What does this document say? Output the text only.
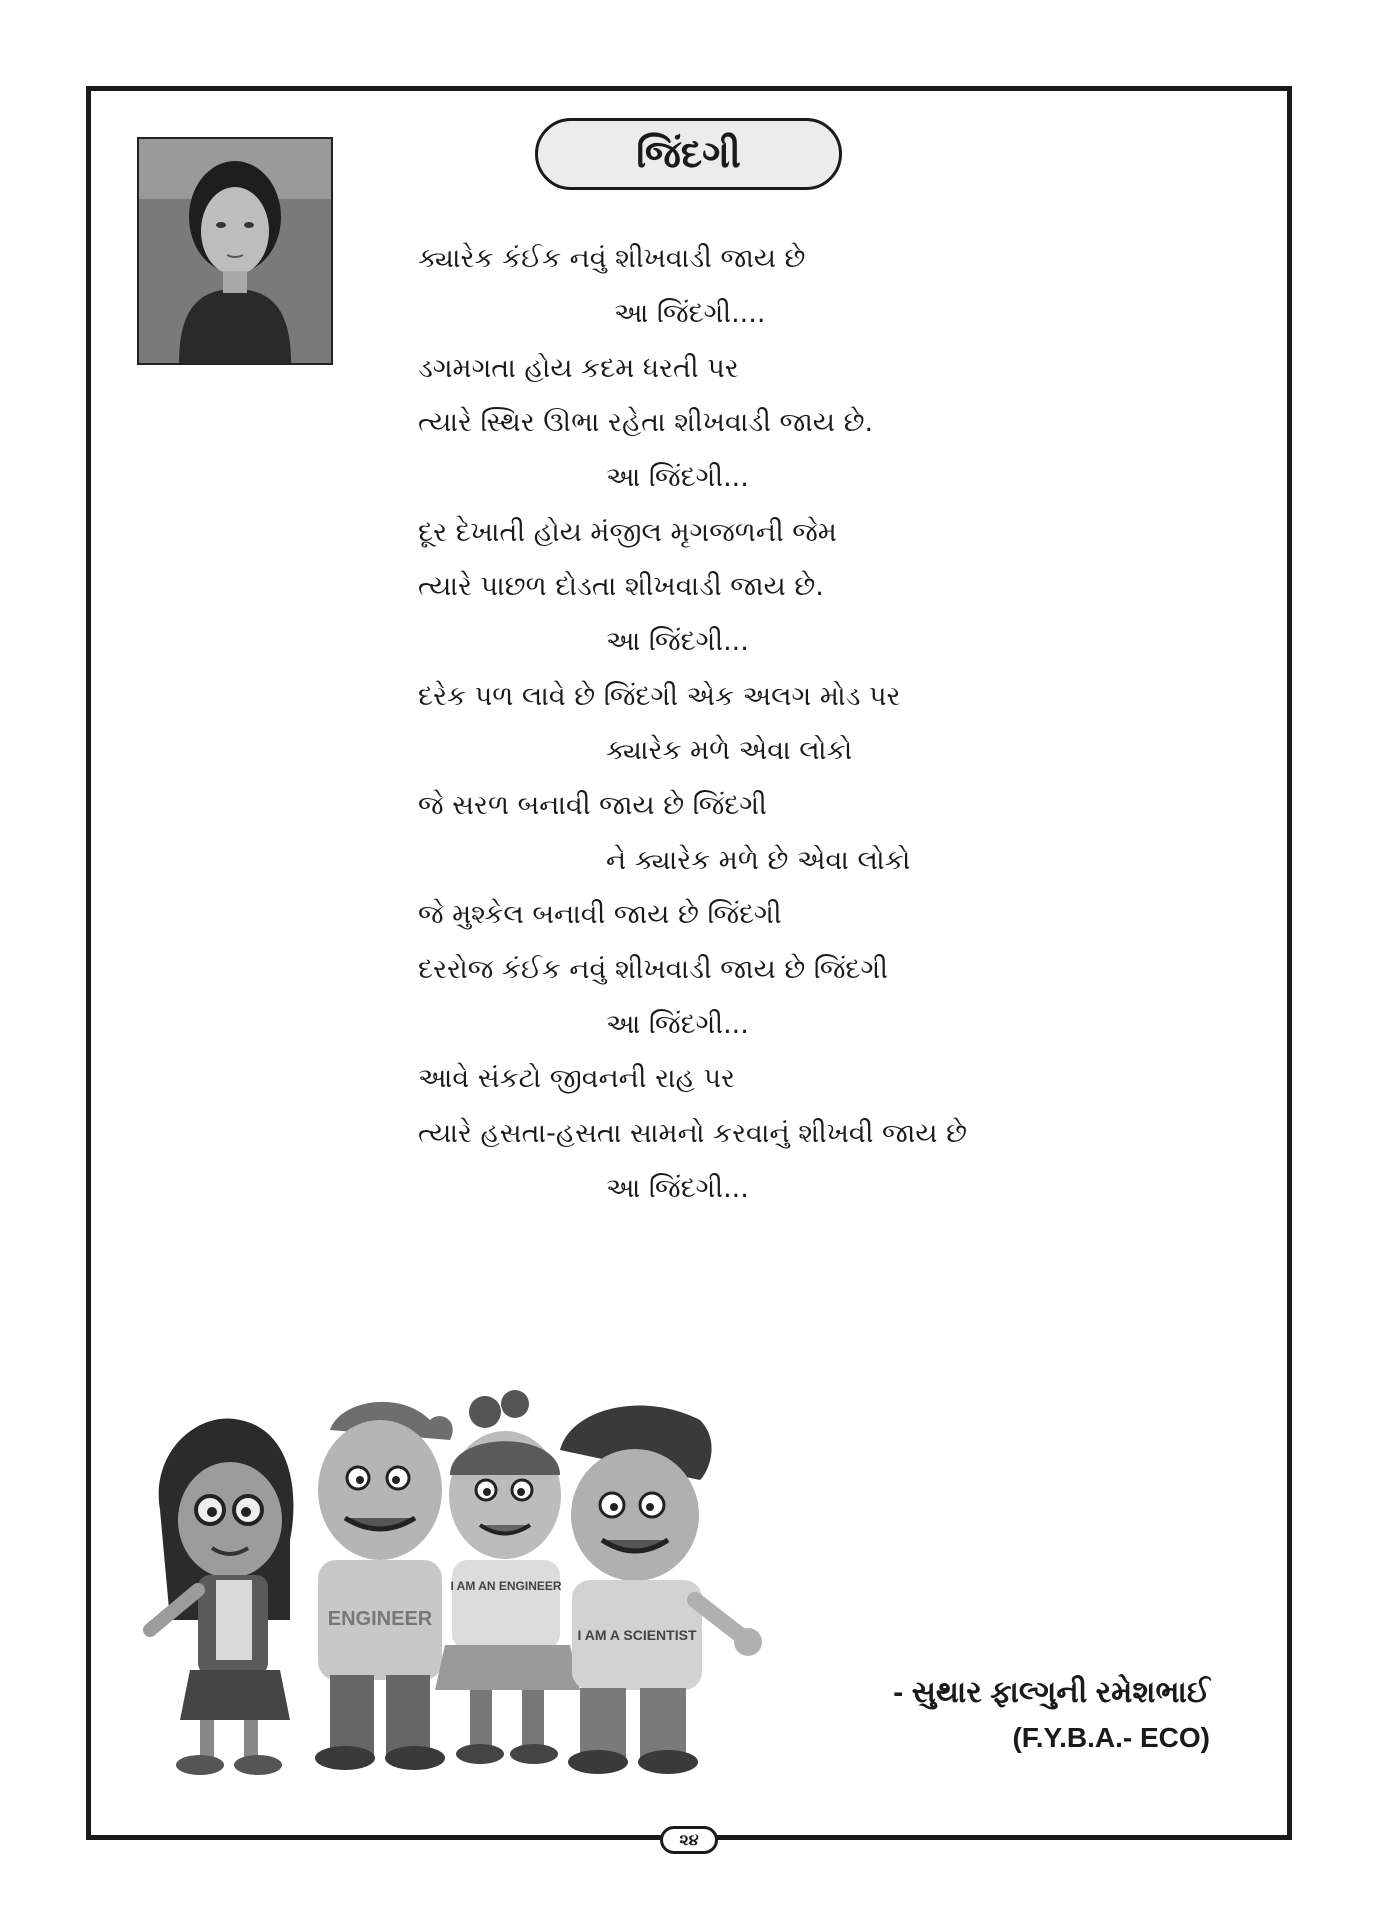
જિંદગી
ક્યારેક કંઈક નવું શીખવાડી જાય છે
આ જિંદગી....
ડગમગતા હોય કદમ ધરતી પર
ત્યારે સ્થિર ઊભા રહેતા શીખવાડી જાય છે.
આ જિંદગી...
દૂર દેખાતી હોય મંજીલ મૃગજળની જેમ
ત્યારે પાછળ દોડતા શીખવાડી જાય છે.
આ જિંદગી...
દરેક પળ લાવે છે જિંદગી એક અલગ મોડ પર
ક્યારેક મળે એવા લોકો
જે સરળ બનાવી જાય છે જિંદગી
ને ક્યારેક મળે છે એવા લોકો
જે મુશ્કેલ બનાવી જાય છે જિંદગી
દરરોજ કંઈક નવું શીખવાડી જાય છે જિંદગી
આ જિંદગી...
આવે સંકટો જીવનની રાહ પર
ત્યારે હસતા-હસતા સામનો કરવાનું શીખવી જાય છે
આ જિંદગી...
ENGINEER
I AM AN ENGINEER
I AM A SCIENTIST
- સુથાર ફાલ્ગુની રમેશભાઈ
(F.Y.B.A.- ECO)
૨૪
